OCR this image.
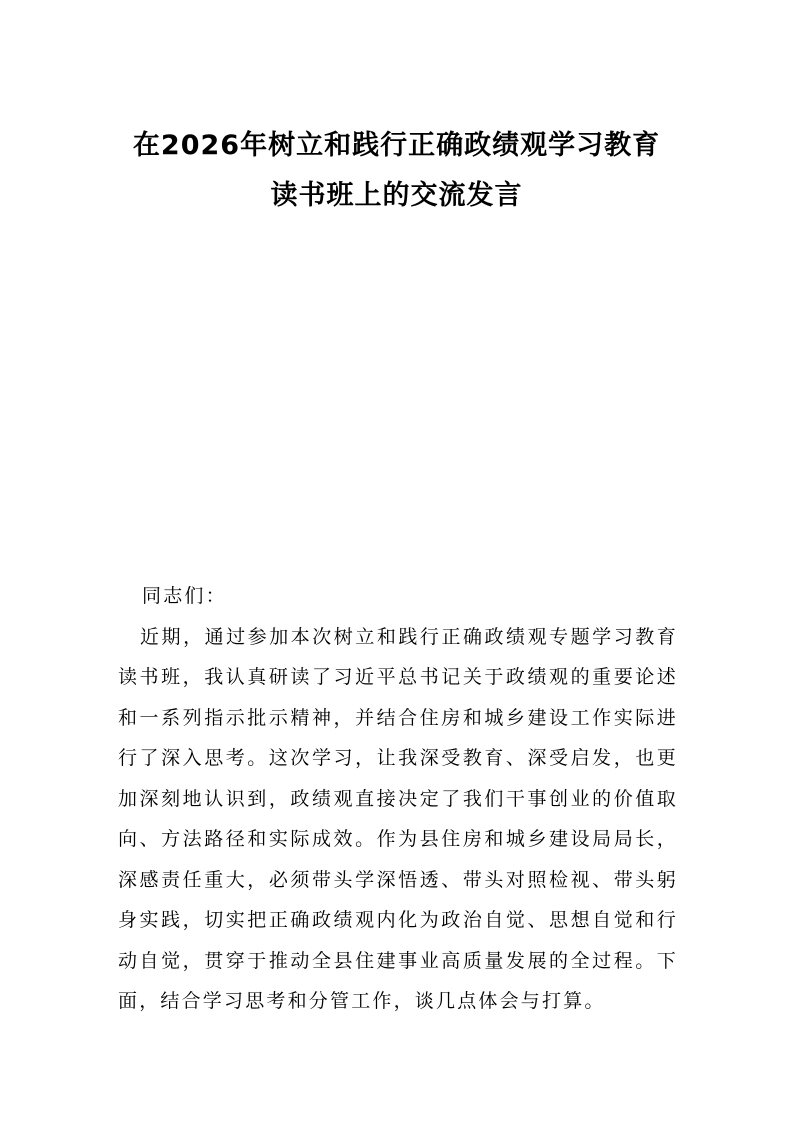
在2026年树立和践行正确政绩观学习教育
读书班上的交流发言

同志们：

近期，通过参加本次树立和践行正确政绩观专题学习教育读书班，我认真研读了习近平总书记关于政绩观的重要论述和一系列指示批示精神，并结合住房和城乡建设工作实际进行了深入思考。这次学习，让我深受教育、深受启发，也更加深刻地认识到，政绩观直接决定了我们干事创业的价值取向、方法路径和实际成效。作为县住房和城乡建设局局长，深感责任重大，必须带头学深悟透、带头对照检视、带头躬身实践，切实把正确政绩观内化为政治自觉、思想自觉和行动自觉，贯穿于推动全县住建事业高质量发展的全过程。下面，结合学习思考和分管工作，谈几点体会与打算。
